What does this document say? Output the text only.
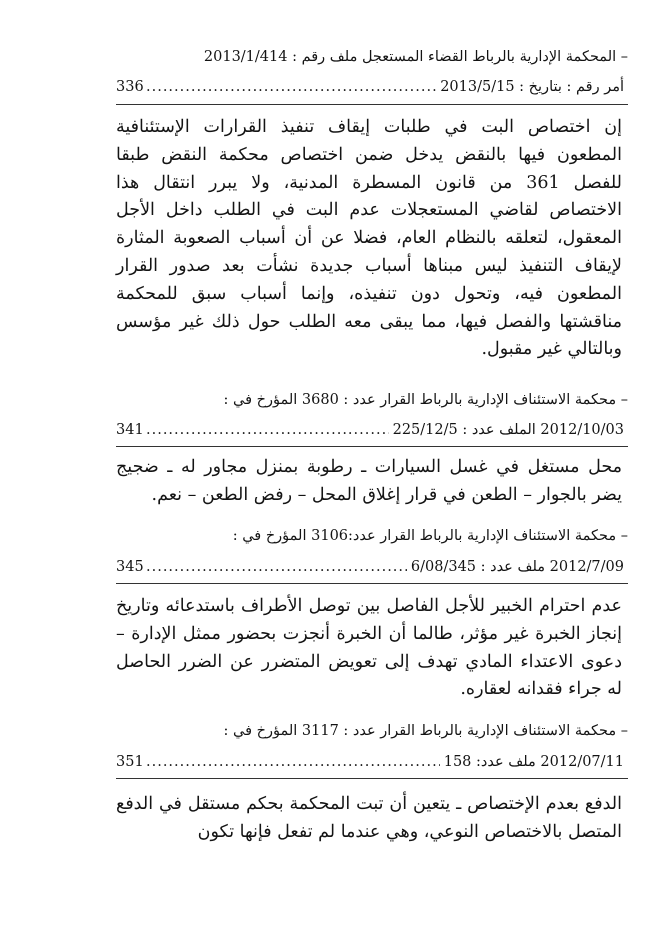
– المحكمة الإدارية بالرباط القضاء المستعجل ملف رقم : 2013/1/414
336 .....	أمر رقم : بتاريخ : 2013/5/15
إن اختصاص البت في طلبات إيقاف تنفيذ القرارات الإستئنافية المطعون فيها بالنقض يدخل ضمن اختصاص محكمة النقض طبقا للفصل 361 من قانون المسطرة المدنية، ولا يبرر انتقال هذا الاختصاص لقاضي المستعجلات عدم البت في الطلب داخل الأجل المعقول، لتعلقه بالنظام العام، فضلا عن أن أسباب الصعوبة المثارة لإيقاف التنفيذ ليس مبناها أسباب جديدة نشأت بعد صدور القرار المطعون فيه، وتحول دون تنفيذه، وإنما أسباب سبق للمحكمة مناقشتها والفصل فيها، مما يبقى معه الطلب حول ذلك غير مؤسس وبالتالي غير مقبول.
– محكمة الاستئناف الإدارية بالرباط القرار عدد : 3680 المؤرخ في :
341 .....	2012/10/03 الملف عدد : 225/12/5
محل مستغل في غسل السيارات ـ رطوبة بمنزل مجاور له ـ ضجيج يضر بالجوار – الطعن في قرار إغلاق المحل – رفض الطعن – نعم.
– محكمة الاستئناف الإدارية بالرباط القرار عدد:3106 المؤرخ في :
345 .....	2012/7/09 ملف عدد : 6/08/345
عدم احترام الخبير للأجل الفاصل بين توصل الأطراف باستدعائه وتاريخ إنجاز الخبرة غير مؤثر، طالما أن الخبرة أنجزت بحضور ممثل الإدارة – دعوى الاعتداء المادي تهدف إلى تعويض المتضرر عن الضرر الحاصل له جراء فقدانه لعقاره.
– محكمة الاستئناف الإدارية بالرباط القرار عدد : 3117 المؤرخ في :
351 .....	2012/07/11 ملف عدد: 158
الدفع بعدم الإختصاص ـ يتعين أن تبت المحكمة بحكم مستقل في الدفع المتصل بالاختصاص النوعي، وهي عندما لم تفعل فإنها تكون
